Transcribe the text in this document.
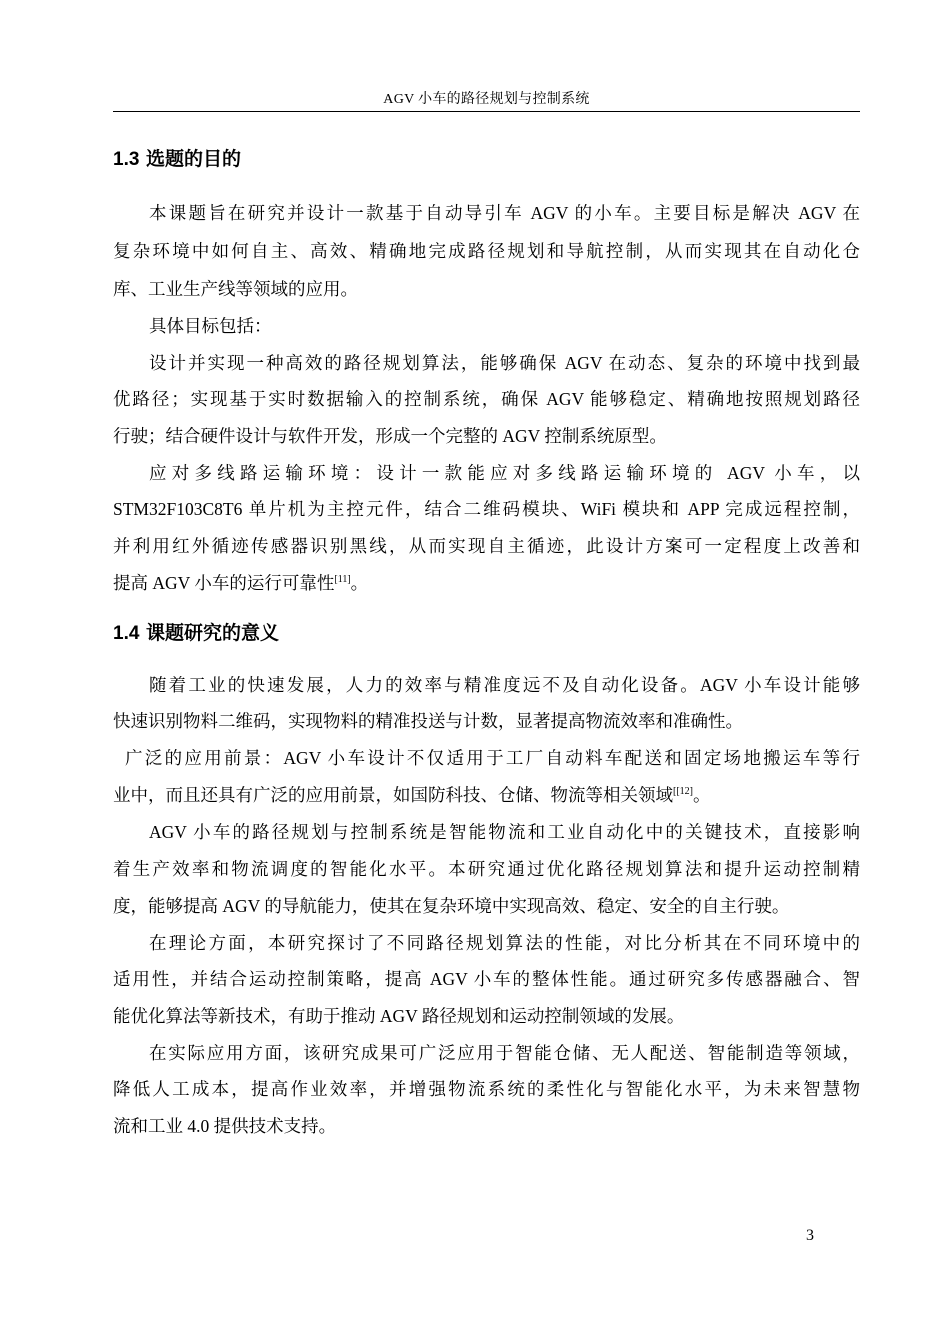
AGV 小车的路径规划与控制系统
1.3 选题的目的
本课题旨在研究并设计一款基于自动导引车 AGV 的小车。主要目标是解决 AGV 在
复杂环境中如何自主、高效、精确地完成路径规划和导航控制，从而实现其在自动化仓
库、工业生产线等领域的应用。
具体目标包括：
设计并实现一种高效的路径规划算法，能够确保 AGV 在动态、复杂的环境中找到最
优路径；实现基于实时数据输入的控制系统，确保 AGV 能够稳定、精确地按照规划路径
行驶；结合硬件设计与软件开发，形成一个完整的 AGV 控制系统原型。
应对多线路运输环境：设计一款能应对多线路运输环境的 AGV 小车，以
STM32F103C8T6 单片机为主控元件，结合二维码模块、WiFi 模块和 APP 完成远程控制，
并利用红外循迹传感器识别黑线，从而实现自主循迹，此设计方案可一定程度上改善和
提高 AGV 小车的运行可靠性[11]。
1.4 课题研究的意义
随着工业的快速发展，人力的效率与精准度远不及自动化设备。AGV 小车设计能够
快速识别物料二维码，实现物料的精准投送与计数，显著提高物流效率和准确性。
广泛的应用前景：AGV 小车设计不仅适用于工厂自动料车配送和固定场地搬运车等行
业中，而且还具有广泛的应用前景，如国防科技、仓储、物流等相关领域[[12]。
AGV 小车的路径规划与控制系统是智能物流和工业自动化中的关键技术，直接影响
着生产效率和物流调度的智能化水平。本研究通过优化路径规划算法和提升运动控制精
度，能够提高 AGV 的导航能力，使其在复杂环境中实现高效、稳定、安全的自主行驶。
在理论方面，本研究探讨了不同路径规划算法的性能，对比分析其在不同环境中的
适用性，并结合运动控制策略，提高 AGV 小车的整体性能。通过研究多传感器融合、智
能优化算法等新技术，有助于推动 AGV 路径规划和运动控制领域的发展。
在实际应用方面，该研究成果可广泛应用于智能仓储、无人配送、智能制造等领域，
降低人工成本，提高作业效率，并增强物流系统的柔性化与智能化水平，为未来智慧物
流和工业 4.0 提供技术支持。
3
